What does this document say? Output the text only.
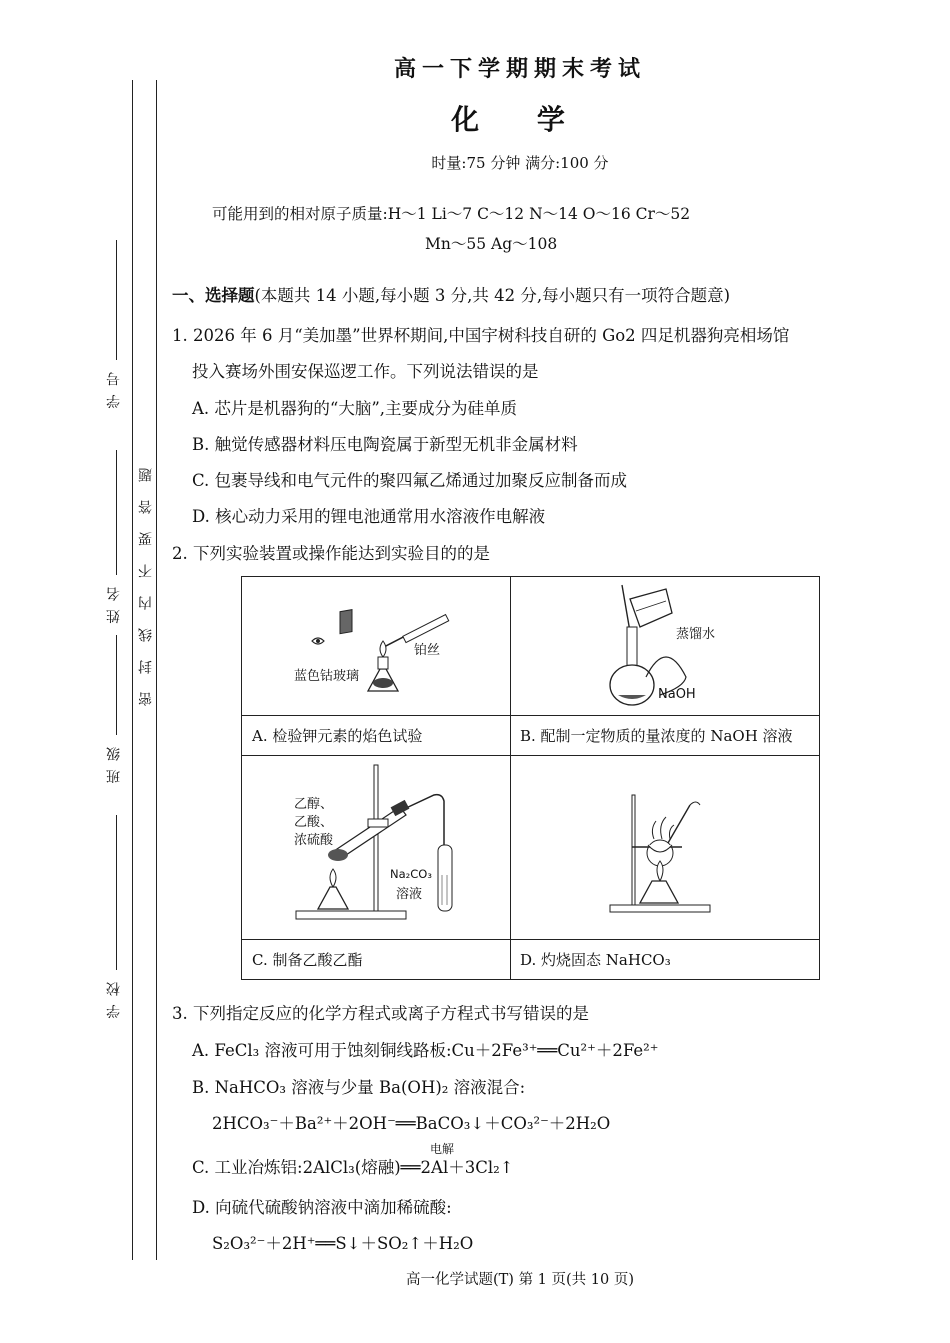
学 号
姓 名
班 级
学 校
密封线内不要答题
高一下学期期末考试
化 学
时量:75 分钟 满分:100 分
可能用到的相对原子质量:H～1 Li～7 C～12 N～14 O～16 Cr～52
Mn～55 Ag～108
一、选择题(本题共 14 小题,每小题 3 分,共 42 分,每小题只有一项符合题意)
1. 2026 年 6 月“美加墨”世界杯期间,中国宇树科技自研的 Go2 四足机器狗亮相场馆
投入赛场外围安保巡逻工作。下列说法错误的是
A. 芯片是机器狗的“大脑”,主要成分为硅单质
B. 触觉传感器材料压电陶瓷属于新型无机非金属材料
C. 包裹导线和电气元件的聚四氟乙烯通过加聚反应制备而成
D. 核心动力采用的锂电池通常用水溶液作电解液
2. 下列实验装置或操作能达到实验目的的是
3. 下列指定反应的化学方程式或离子方程式书写错误的是
A. FeCl₃ 溶液可用于蚀刻铜线路板:Cu＋2Fe³⁺══Cu²⁺＋2Fe²⁺
B. NaHCO₃ 溶液与少量 Ba(OH)₂ 溶液混合:
2HCO₃⁻＋Ba²⁺＋2OH⁻══BaCO₃↓＋CO₃²⁻＋2H₂O
C. 工业冶炼铝:2AlCl₃(熔融)══2Al＋3Cl₂↑
电解
D. 向硫代硫酸钠溶液中滴加稀硫酸:
S₂O₃²⁻＋2H⁺══S↓＋SO₂↑＋H₂O
铂丝
蓝色钴玻璃
A. 检验钾元素的焰色试验
蒸馏水
NaOH
B. 配制一定物质的量浓度的 NaOH 溶液
乙醇、
乙酸、
浓硫酸
Na₂CO₃
溶液
C. 制备乙酸乙酯	D. 灼烧固态 NaHCO₃
高一化学试题(T) 第 1 页(共 10 页)
